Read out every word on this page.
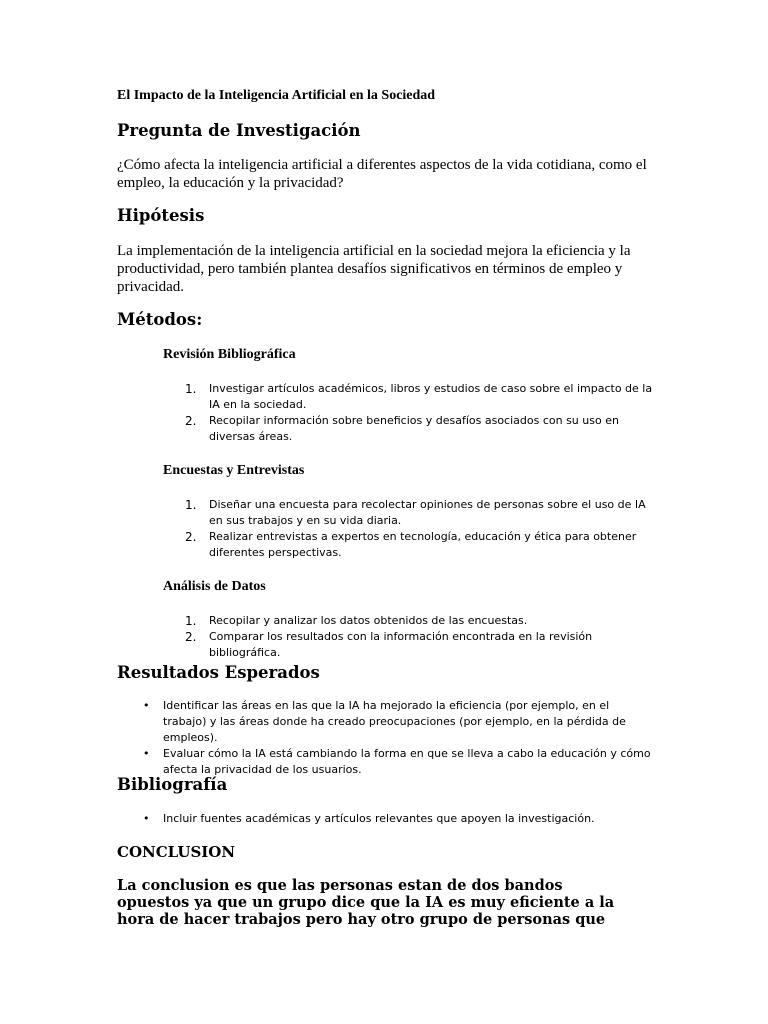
El Impacto de la Inteligencia Artificial en la Sociedad
Pregunta de Investigación
¿Cómo afecta la inteligencia artificial a diferentes aspectos de la vida cotidiana, como el empleo, la educación y la privacidad?
Hipótesis
La implementación de la inteligencia artificial en la sociedad mejora la eficiencia y la productividad, pero también plantea desafíos significativos en términos de empleo y privacidad.
Métodos:
Revisión Bibliográfica
1. Investigar artículos académicos, libros y estudios de caso sobre el impacto de la IA en la sociedad.
2. Recopilar información sobre beneficios y desafíos asociados con su uso en diversas áreas.
Encuestas y Entrevistas
1. Diseñar una encuesta para recolectar opiniones de personas sobre el uso de IA en sus trabajos y en su vida diaria.
2. Realizar entrevistas a expertos en tecnología, educación y ética para obtener diferentes perspectivas.
Análisis de Datos
1. Recopilar y analizar los datos obtenidos de las encuestas.
2. Comparar los resultados con la información encontrada en la revisión bibliográfica.
Resultados Esperados
• Identificar las áreas en las que la IA ha mejorado la eficiencia (por ejemplo, en el trabajo) y las áreas donde ha creado preocupaciones (por ejemplo, en la pérdida de empleos).
• Evaluar cómo la IA está cambiando la forma en que se lleva a cabo la educación y cómo afecta la privacidad de los usuarios.
Bibliografía
• Incluir fuentes académicas y artículos relevantes que apoyen la investigación.
CONCLUSION
La conclusion es que las personas estan de dos bandos
opuestos ya que un grupo dice que la IA es muy eficiente a la
hora de hacer trabajos pero hay otro grupo de personas que
